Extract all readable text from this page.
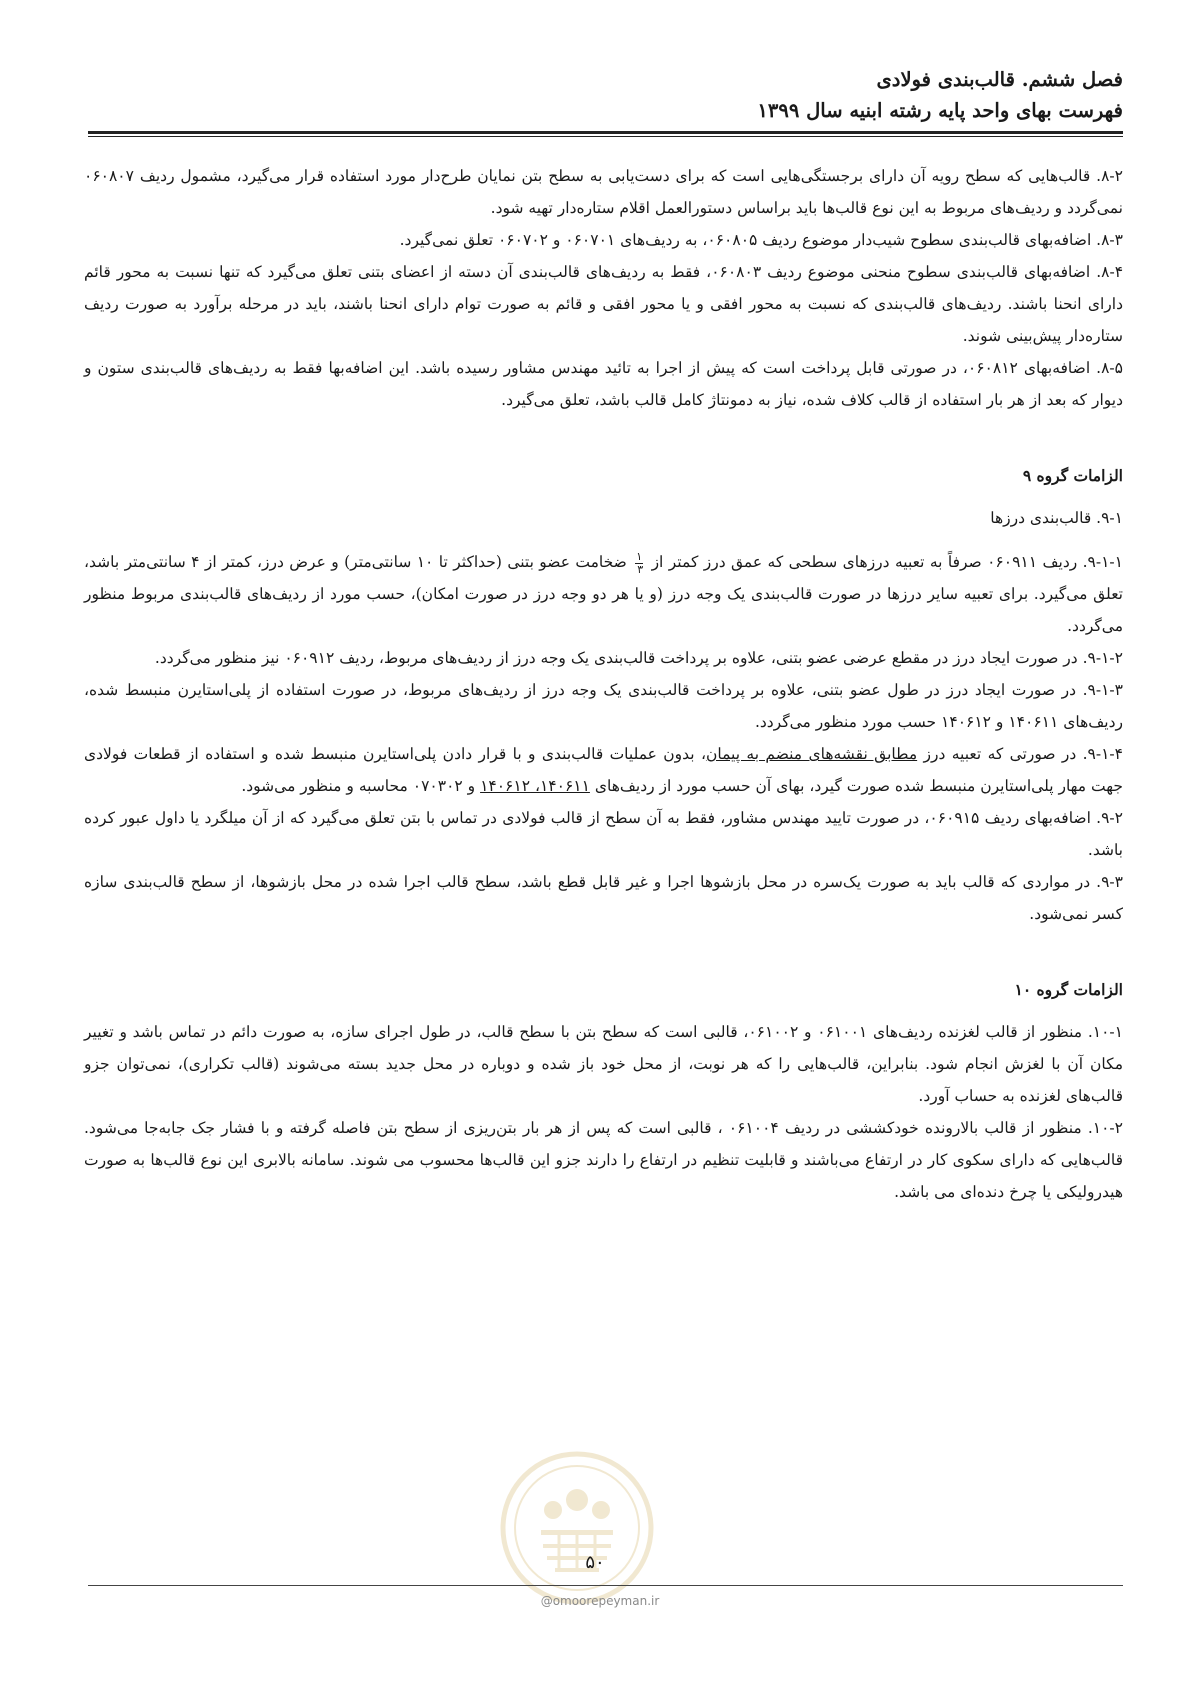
فصل ششم. قالب‌بندی فولادی
فهرست بهای واحد پایه رشته ابنیه سال ۱۳۹۹

۸-۲. قالب‌هایی که سطح رویه آن دارای برجستگی‌هایی است که برای دست‌یابی به سطح بتن نمایان طرح‌دار مورد استفاده قرار می‌گیرد، مشمول ردیف ۰۶۰۸۰۷ نمی‌گردد و ردیف‌های مربوط به این نوع قالب‌ها باید براساس دستورالعمل اقلام ستاره‌دار تهیه شود.

۸-۳. اضافه‌بهای قالب‌بندی سطوح شیب‌دار موضوع ردیف ۰۶۰۸۰۵، به ردیف‌های ۰۶۰۷۰۱ و ۰۶۰۷۰۲ تعلق نمی‌گیرد.

۸-۴. اضافه‌بهای قالب‌بندی سطوح منحنی موضوع ردیف ۰۶۰۸۰۳، فقط به ردیف‌های قالب‌بندی آن دسته از اعضای بتنی تعلق می‌گیرد که تنها نسبت به محور قائم دارای انحنا باشند. ردیف‌های قالب‌بندی که نسبت به محور افقی و یا محور افقی و قائم به صورت توام دارای انحنا باشند، باید در مرحله برآورد به صورت ردیف ستاره‌دار پیش‌بینی شوند.

۸-۵. اضافه‌بهای ۰۶۰۸۱۲، در صورتی قابل پرداخت است که پیش از اجرا به تائید مهندس مشاور رسیده باشد. این اضافه‌بها فقط به ردیف‌های قالب‌بندی ستون و دیوار که بعد از هر بار استفاده از قالب کلاف شده، نیاز به دمونتاژ کامل قالب باشد، تعلق می‌گیرد.

الزامات گروه ۹

۹-۱. قالب‌بندی درزها

۹-۱-۱. ردیف ۰۶۰۹۱۱ صرفاً به تعبیه درزهای سطحی که عمق درز کمتر از
۱
۳
ضخامت عضو بتنی (حداکثر تا ۱۰ سانتی‌متر) و عرض درز، کمتر از ۴ سانتی‌متر باشد، تعلق می‌گیرد. برای تعبیه سایر درزها در صورت قالب‌بندی یک وجه درز (و یا هر دو وجه درز در صورت امکان)، حسب مورد از ردیف‌های قالب‌بندی مربوط منظور می‌گردد.

۹-۱-۲. در صورت ایجاد درز در مقطع عرضی عضو بتنی، علاوه بر پرداخت قالب‌بندی یک وجه درز از ردیف‌های مربوط، ردیف ۰۶۰۹۱۲ نیز منظور می‌گردد.

۹-۱-۳. در صورت ایجاد درز در طول عضو بتنی، علاوه بر پرداخت قالب‌بندی یک وجه درز از ردیف‌های مربوط، در صورت استفاده از پلی‌استایرن منبسط شده، ردیف‌های ۱۴۰۶۱۱ و ۱۴۰۶۱۲ حسب مورد منظور می‌گردد.

۹-۱-۴. در صورتی که تعبیه درز مطابق نقشه‌های منضم به پیمان، بدون عملیات قالب‌بندی و با قرار دادن پلی‌استایرن منبسط شده و استفاده از قطعات فولادی جهت مهار پلی‌استایرن منبسط شده صورت گیرد، بهای آن حسب مورد از ردیف‌های ۱۴۰۶۱۱، ۱۴۰۶۱۲ و ۰۷۰۳۰۲ محاسبه و منظور می‌شود.

۹-۲. اضافه‌بهای ردیف ۰۶۰۹۱۵، در صورت تایید مهندس مشاور، فقط به آن سطح از قالب فولادی در تماس با بتن تعلق می‌گیرد که از آن میلگرد یا داول عبور کرده باشد.

۹-۳. در مواردی که قالب باید به صورت یک‌سره در محل بازشوها اجرا و غیر قابل قطع باشد، سطح قالب اجرا شده در محل بازشوها، از سطح قالب‌بندی سازه کسر نمی‌شود.

الزامات گروه ۱۰

۱۰-۱. منظور از قالب لغزنده ردیف‌های ۰۶۱۰۰۱ و ۰۶۱۰۰۲، قالبی است که سطح بتن با سطح قالب، در طول اجرای سازه، به صورت دائم در تماس باشد و تغییر مکان آن با لغزش انجام شود. بنابراین، قالب‌هایی را که هر نوبت، از محل خود باز شده و دوباره در محل جدید بسته می‌شوند (قالب تکراری)، نمی‌توان جزو قالب‌های لغزنده به حساب آورد.

۱۰-۲. منظور از قالب بالارونده خودکششی در ردیف ۰۶۱۰۰۴ ، قالبی است که پس از هر بار بتن‌ریزی از سطح بتن فاصله گرفته و با فشار جک جابه‌جا می‌شود. قالب‌هایی که دارای سکوی کار در ارتفاع می‌باشند و قابلیت تنظیم در ارتفاع را دارند جزو این قالب‌ها محسوب می شوند. سامانه بالابری این نوع قالب‌ها به صورت هیدرولیکی یا چرخ دنده‌ای می باشد.

۵۰
@omoorepeyman.ir
